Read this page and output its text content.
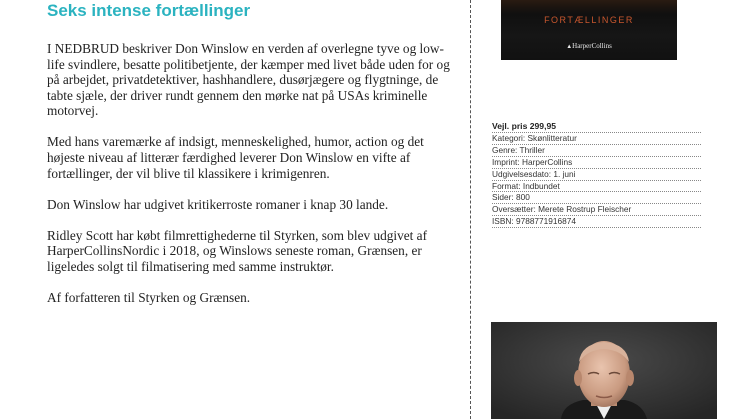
Seks intense fortællinger

I NEDBRUD beskriver Don Winslow en verden af overlegne tyve og low-life svindlere, besatte politibetjente, der kæmper med livet både uden for og på arbejdet, privatdetektiver, hashhandlere, dusørjægere og flygtninge, de tabte sjæle, der driver rundt gennem den mørke nat på USAs kriminelle motorvej.

Med hans varemærke af indsigt, menneskelighed, humor, action og det højeste niveau af litterær færdighed leverer Don Winslow en vifte af fortællinger, der vil blive til klassikere i krimigenren.

Don Winslow har udgivet kritikerroste romaner i knap 30 lande.

Ridley Scott har købt filmrettighederne til Styrken, som blev udgivet af HarperCollinsNordic i 2018, og Winslows seneste roman, Grænsen, er ligeledes solgt til filmatisering med samme instruktør.

Af forfatteren til Styrken og Grænsen.

FORTÆLLINGER
▲HarperCollins
Vejl. pris 299,95
Kategori: Skønlitteratur
Genre: Thriller
Imprint: HarperCollins
Udgivelsesdato: 1. juni
Format: Indbundet
Sider: 800
Oversætter: Merete Rostrup Fleischer
ISBN: 9788771916874
